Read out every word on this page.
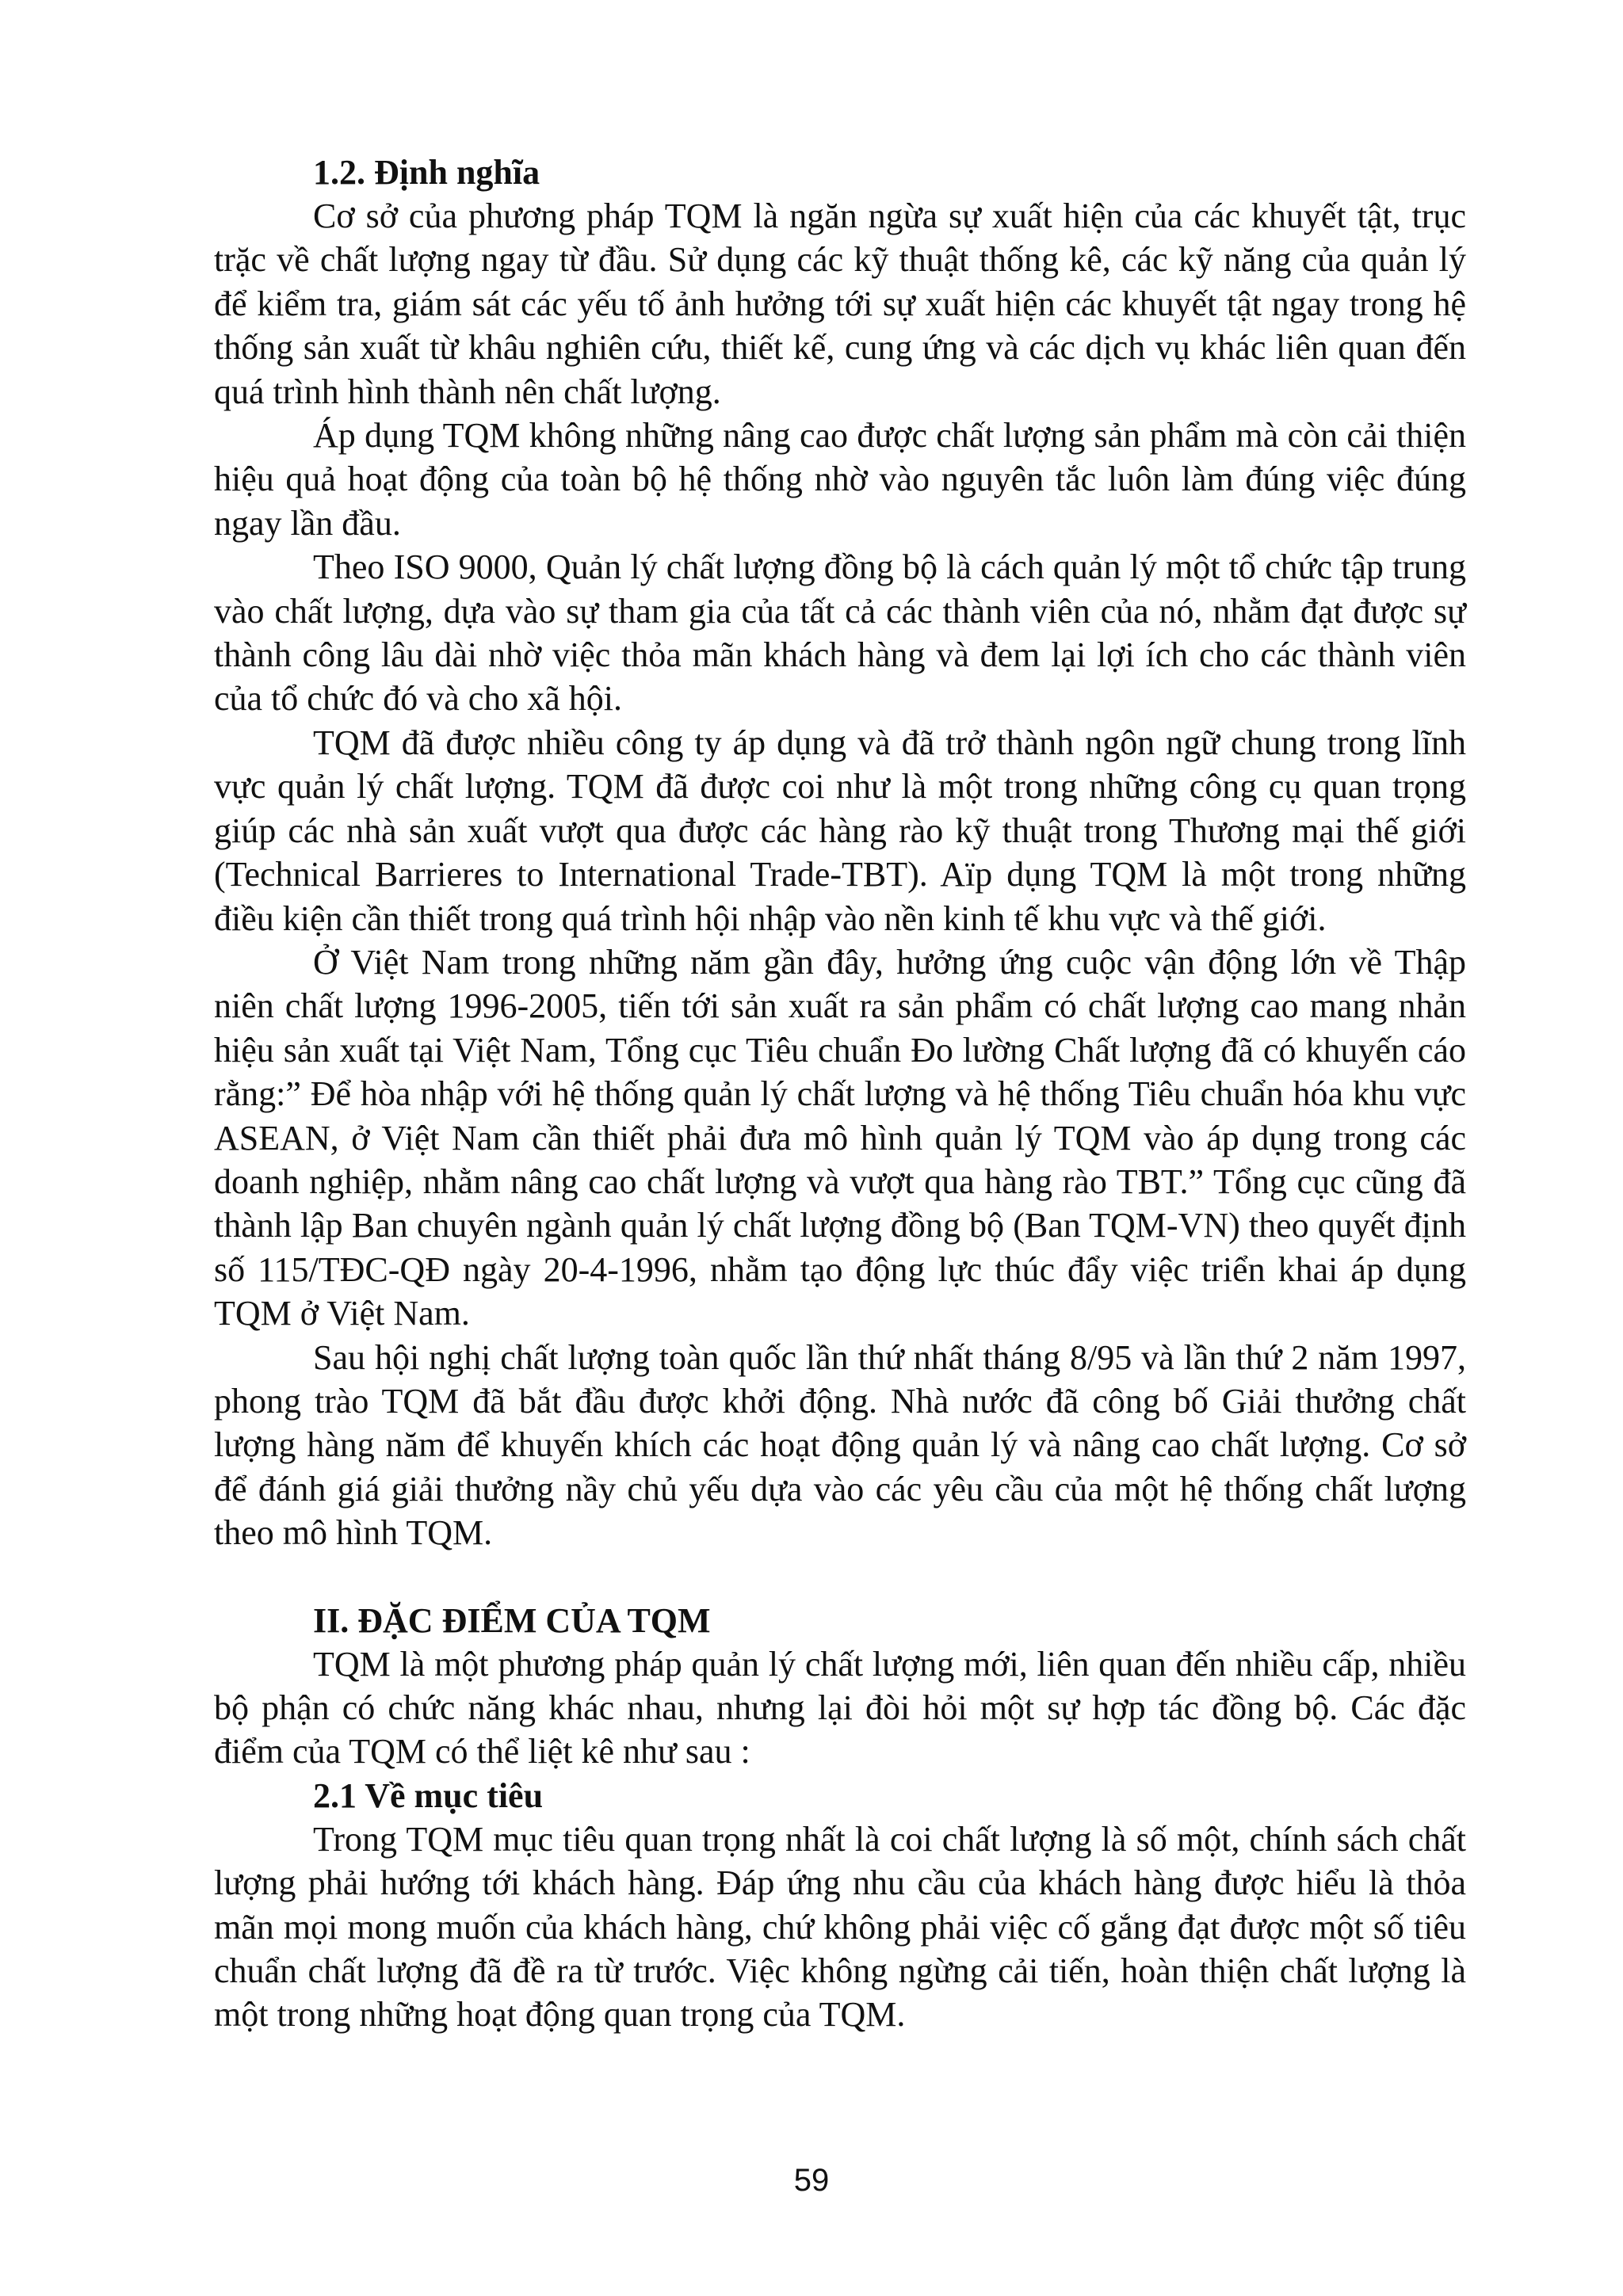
1.2. Định nghĩa

Cơ sở của phương pháp TQM là ngăn ngừa sự xuất hiện của các khuyết tật, trục trặc về chất lượng ngay từ đầu. Sử dụng các kỹ thuật thống kê, các kỹ năng của quản lý để kiểm tra, giám sát các yếu tố ảnh hưởng tới sự xuất hiện các khuyết tật ngay trong hệ thống sản xuất từ khâu nghiên cứu, thiết kế, cung ứng và các dịch vụ khác liên quan đến quá trình hình thành nên chất lượng.

Áp dụng TQM không những nâng cao được chất lượng sản phẩm mà còn cải thiện hiệu quả hoạt động của toàn bộ hệ thống nhờ vào nguyên tắc luôn làm đúng việc đúng ngay lần đầu.

Theo ISO 9000, Quản lý chất lượng đồng bộ là cách quản lý một tổ chức tập trung vào chất lượng, dựa vào sự tham gia của tất cả các thành viên của nó, nhằm đạt được sự thành công lâu dài nhờ việc thỏa mãn khách hàng và đem lại lợi ích cho các thành viên của tổ chức đó và cho xã hội.

TQM đã được nhiều công ty áp dụng và đã trở thành ngôn ngữ chung trong lĩnh vực quản lý chất lượng. TQM đã được coi như là một trong những công cụ quan trọng giúp các nhà sản xuất vượt qua được các hàng rào kỹ thuật trong Thương mại thế giới (Technical Barrieres to International Trade-TBT). Aïp dụng TQM là một trong những điều kiện cần thiết trong quá trình hội nhập vào nền kinh tế khu vực và thế giới.

Ở Việt Nam trong những năm gần đây, hưởng ứng cuộc vận động lớn về Thập niên chất lượng 1996-2005, tiến tới sản xuất ra sản phẩm có chất lượng cao mang nhản hiệu sản xuất tại Việt Nam, Tổng cục Tiêu chuẩn Đo lường Chất lượng đã có khuyến cáo rằng:” Để hòa nhập với hệ thống quản lý chất lượng và hệ thống Tiêu chuẩn hóa khu vực ASEAN, ở Việt Nam cần thiết phải đưa mô hình quản lý TQM vào áp dụng trong các doanh nghiệp, nhằm nâng cao chất lượng và vượt qua hàng rào TBT.” Tổng cục cũng đã thành lập Ban chuyên ngành quản lý chất lượng đồng bộ (Ban TQM-VN) theo quyết định số 115/TĐC-QĐ ngày 20-4-1996, nhằm tạo động lực thúc đẩy việc triển khai áp dụng TQM ở Việt Nam.

Sau hội nghị chất lượng toàn quốc lần thứ nhất tháng 8/95 và lần thứ 2 năm 1997, phong trào TQM đã bắt đầu được khởi động. Nhà nước đã công bố Giải thưởng chất lượng hàng năm để khuyến khích các hoạt động quản lý và nâng cao chất lượng. Cơ sở để đánh giá giải thưởng nầy chủ yếu dựa vào các yêu cầu của một hệ thống chất lượng theo mô hình TQM.

II. ĐẶC ĐIỂM CỦA TQM

TQM là một phương pháp quản lý chất lượng mới, liên quan đến nhiều cấp, nhiều bộ phận có chức năng khác nhau, nhưng lại đòi hỏi một sự hợp tác đồng bộ. Các đặc điểm của TQM có thể liệt kê như sau :

2.1 Về mục tiêu

Trong TQM mục tiêu quan trọng nhất là coi chất lượng là số một, chính sách chất lượng phải hướng tới khách hàng. Đáp ứng nhu cầu của khách hàng được hiểu là thỏa mãn mọi mong muốn của khách hàng, chứ không phải việc cố gắng đạt được một số tiêu chuẩn chất lượng đã đề ra từ trước. Việc không ngừng cải tiến, hoàn thiện chất lượng là một trong những hoạt động quan trọng của TQM.

59
